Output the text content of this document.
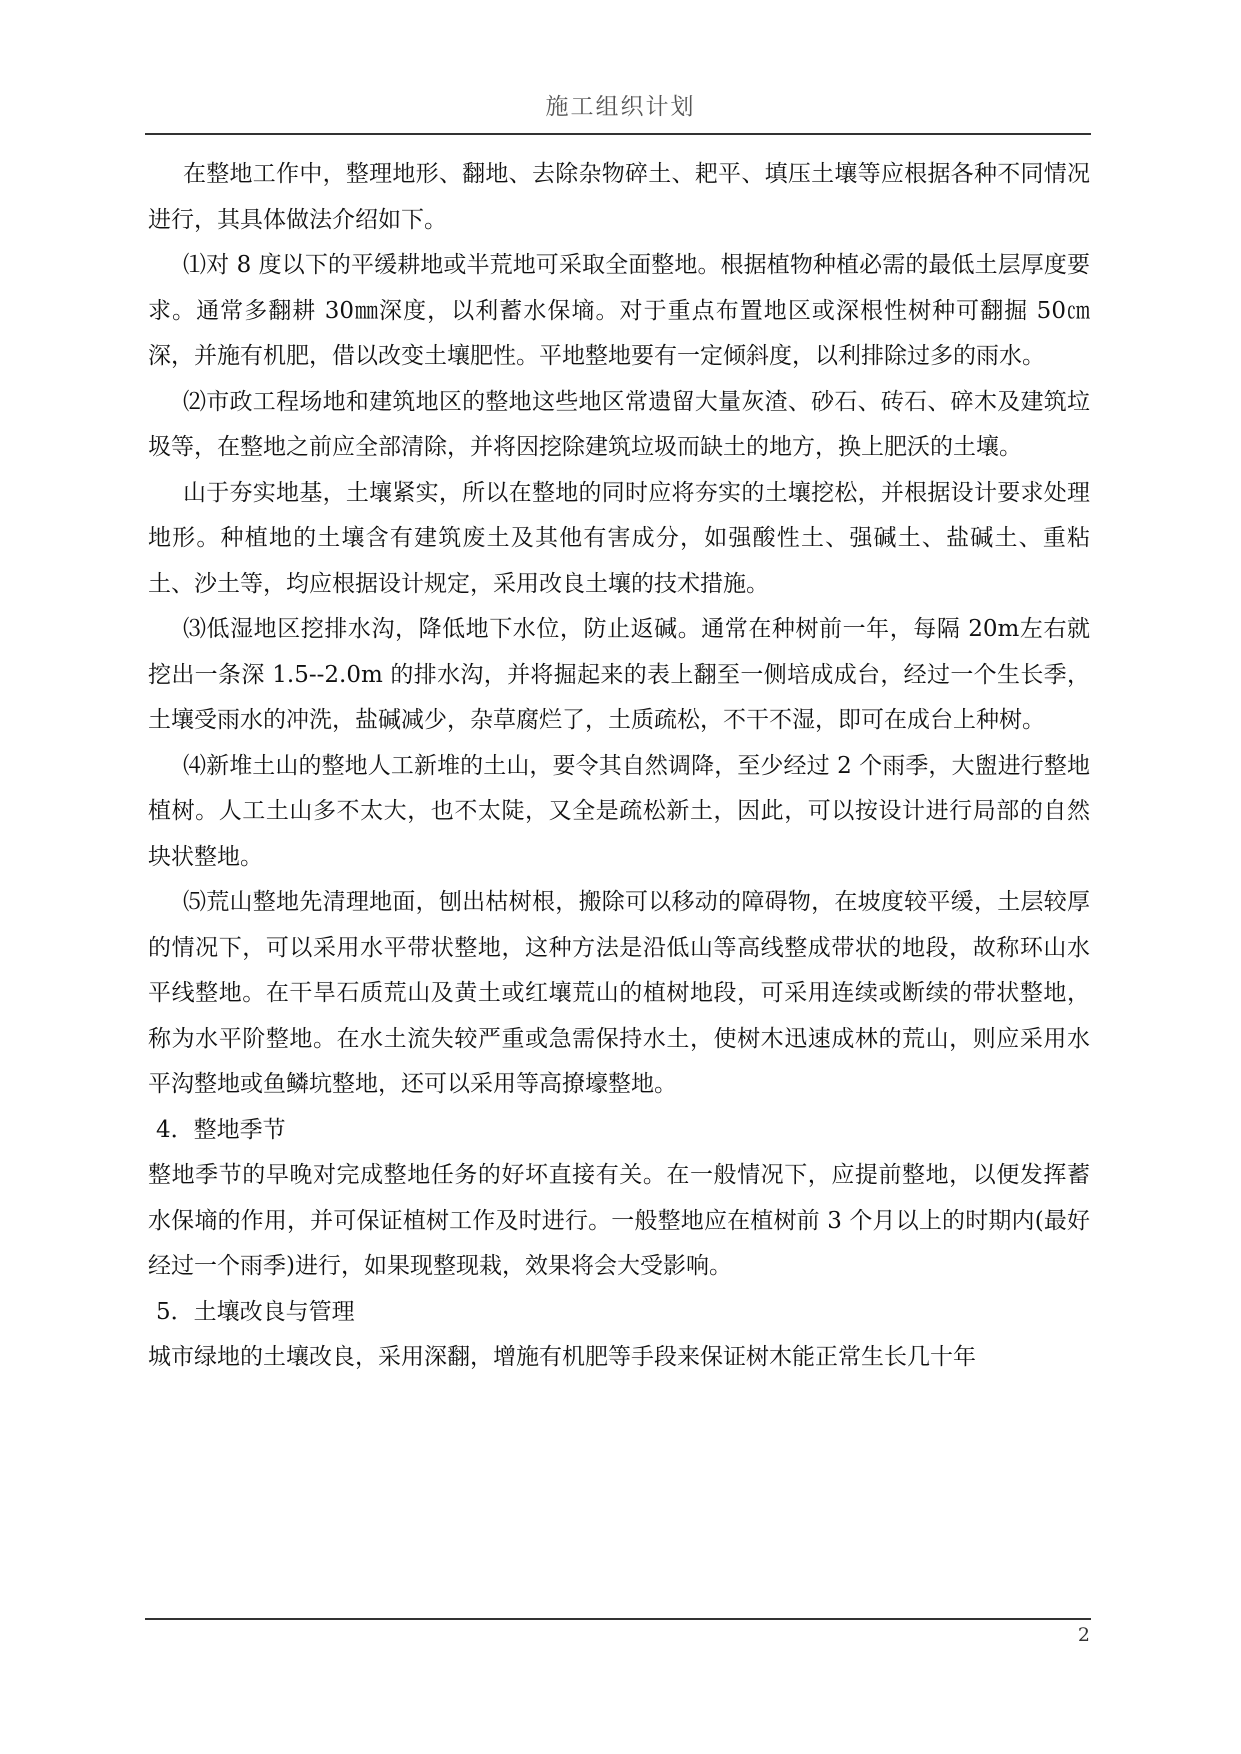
施工组织计划

在整地工作中，整理地形、翻地、去除杂物碎土、耙平、填压土壤等应根据各种不同情况进行，其具体做法介绍如下。

⑴对 8 度以下的平缓耕地或半荒地可采取全面整地。根据植物种植必需的最低土层厚度要求。通常多翻耕 30㎜深度，以利蓄水保墒。对于重点布置地区或深根性树种可翻掘 50㎝深，并施有机肥，借以改变土壤肥性。平地整地要有一定倾斜度，以利排除过多的雨水。

⑵市政工程场地和建筑地区的整地这些地区常遗留大量灰渣、砂石、砖石、碎木及建筑垃圾等，在整地之前应全部清除，并将因挖除建筑垃圾而缺土的地方，换上肥沃的土壤。

山于夯实地基，土壤紧实，所以在整地的同时应将夯实的土壤挖松，并根据设计要求处理地形。种植地的土壤含有建筑废土及其他有害成分，如强酸性土、强碱土、盐碱土、重粘土、沙土等，均应根据设计规定，采用改良土壤的技术措施。

⑶低湿地区挖排水沟，降低地下水位，防止返碱。通常在种树前一年，每隔 20m左右就挖出一条深 1.5--2.0m 的排水沟，并将掘起来的表上翻至一侧培成成台，经过一个生长季，土壤受雨水的冲洗，盐碱减少，杂草腐烂了，土质疏松，不干不湿，即可在成台上种树。

⑷新堆土山的整地人工新堆的土山，要令其自然调降，至少经过 2 个雨季，大盥进行整地植树。人工土山多不太大，也不太陡，又全是疏松新土，因此，可以按设计进行局部的自然块状整地。

⑸荒山整地先清理地面，刨出枯树根，搬除可以移动的障碍物，在坡度较平缓，土层较厚的情况下，可以采用水平带状整地，这种方法是沿低山等高线整成带状的地段，故称环山水平线整地。在干旱石质荒山及黄土或红壤荒山的植树地段，可采用连续或断续的带状整地，称为水平阶整地。在水土流失较严重或急需保持水土，使树木迅速成林的荒山，则应采用水平沟整地或鱼鳞坑整地，还可以采用等高撩壕整地。

4．整地季节

整地季节的早晚对完成整地任务的好坏直接有关。在一般情况下，应提前整地，以便发挥蓄水保墒的作用，并可保证植树工作及时进行。一般整地应在植树前 3 个月以上的时期内(最好经过一个雨季)进行，如果现整现栽，效果将会大受影响。

5．土壤改良与管理

城市绿地的土壤改良，采用深翻，增施有机肥等手段来保证树木能正常生长几十年

2
